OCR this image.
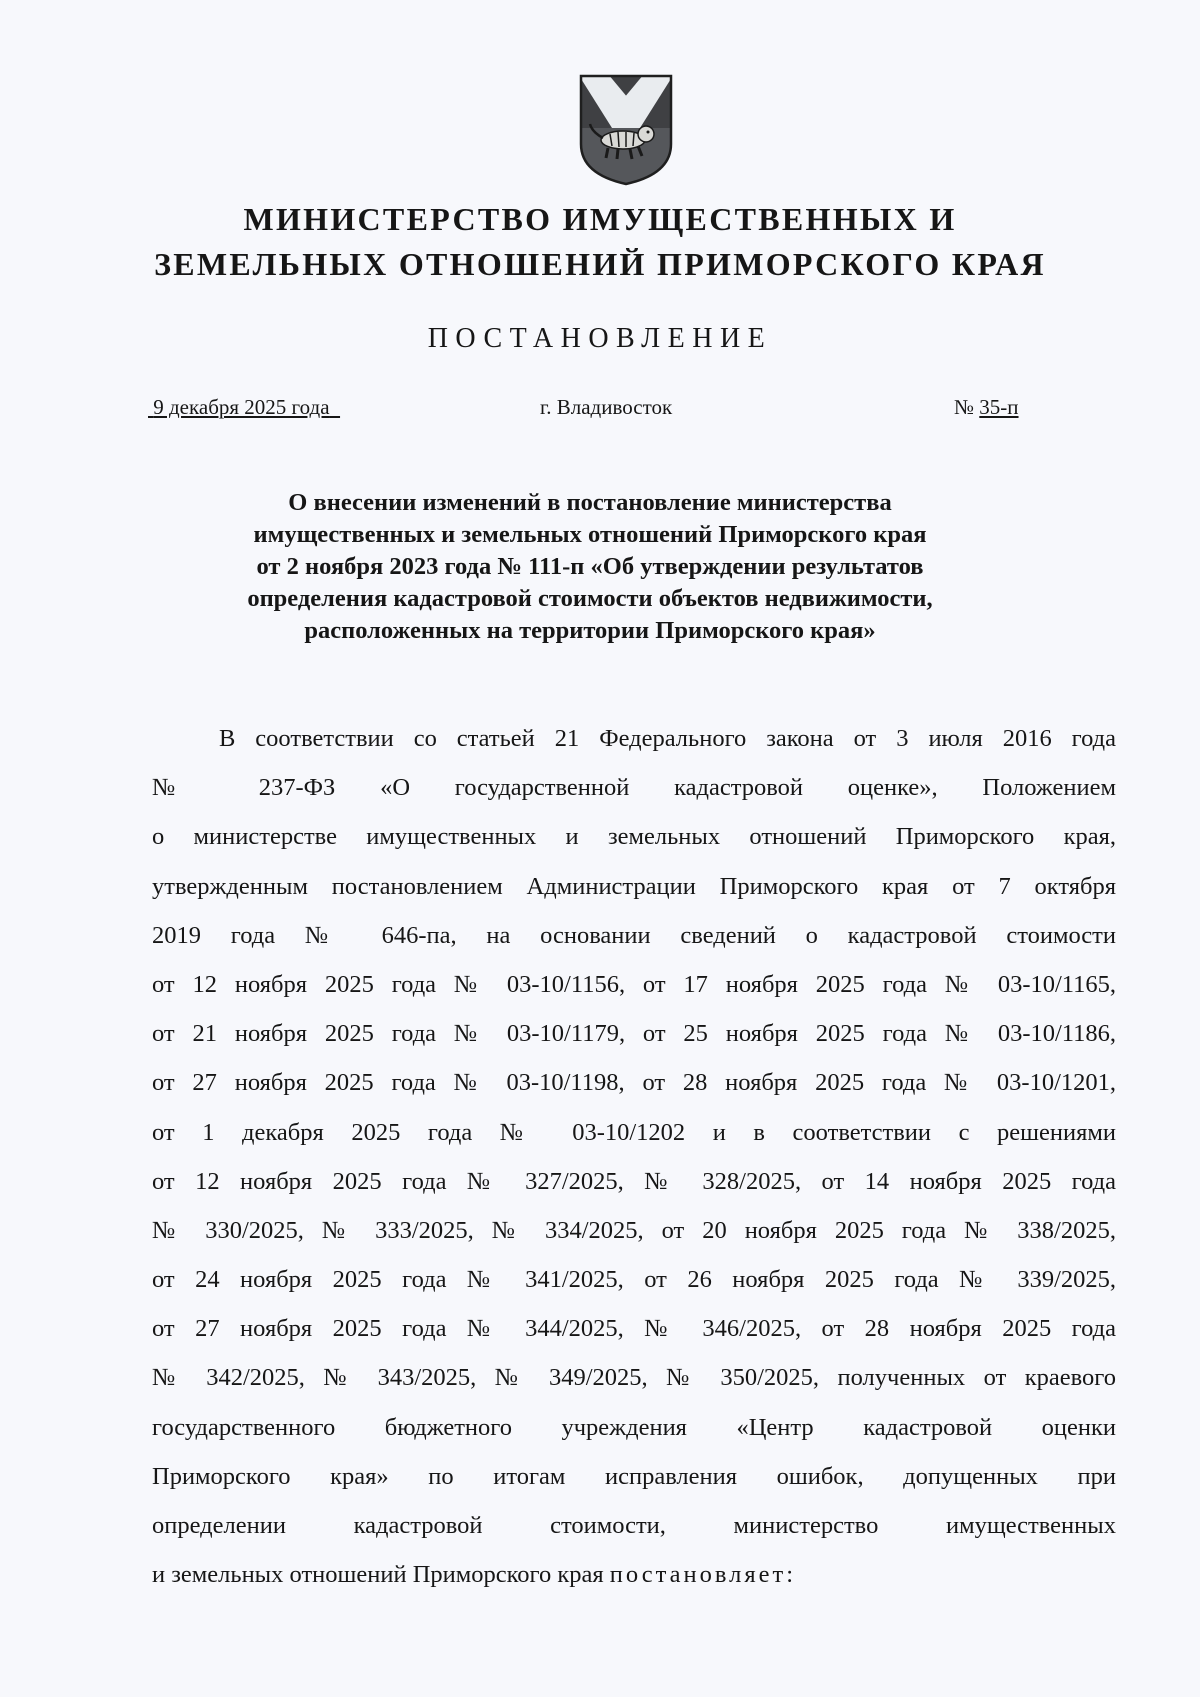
МИНИСТЕРСТВО ИМУЩЕСТВЕННЫХ И
ЗЕМЕЛЬНЫХ ОТНОШЕНИЙ ПРИМОРСКОГО КРАЯ
ПОСТАНОВЛЕНИЕ
9 декабря 2025 года	г. Владивосток	№ 35-п
О внесении изменений в постановление министерства
имущественных и земельных отношений Приморского края
от 2 ноября 2023 года № 111-п «Об утверждении результатов
определения кадастровой стоимости объектов недвижимости,
расположенных на территории Приморского края»
В соответствии со статьей 21 Федерального закона от 3 июля 2016 года
№ 237-ФЗ «О государственной кадастровой оценке», Положением
о министерстве имущественных и земельных отношений Приморского края,
утвержденным постановлением Администрации Приморского края от 7 октября
2019 года № 646-па, на основании сведений о кадастровой стоимости
от 12 ноября 2025 года № 03-10/1156, от 17 ноября 2025 года № 03-10/1165,
от 21 ноября 2025 года № 03-10/1179, от 25 ноября 2025 года № 03-10/1186,
от 27 ноября 2025 года № 03-10/1198, от 28 ноября 2025 года № 03-10/1201,
от 1 декабря 2025 года № 03-10/1202 и в соответствии с решениями
от 12 ноября 2025 года № 327/2025, № 328/2025, от 14 ноября 2025 года
№ 330/2025, № 333/2025, № 334/2025, от 20 ноября 2025 года № 338/2025,
от 24 ноября 2025 года № 341/2025, от 26 ноября 2025 года № 339/2025,
от 27 ноября 2025 года № 344/2025, № 346/2025, от 28 ноября 2025 года
№ 342/2025, № 343/2025, № 349/2025, № 350/2025, полученных от краевого
государственного бюджетного учреждения «Центр кадастровой оценки
Приморского края» по итогам исправления ошибок, допущенных при
определении кадастровой стоимости, министерство имущественных
и земельных отношений Приморского края постановляет:
